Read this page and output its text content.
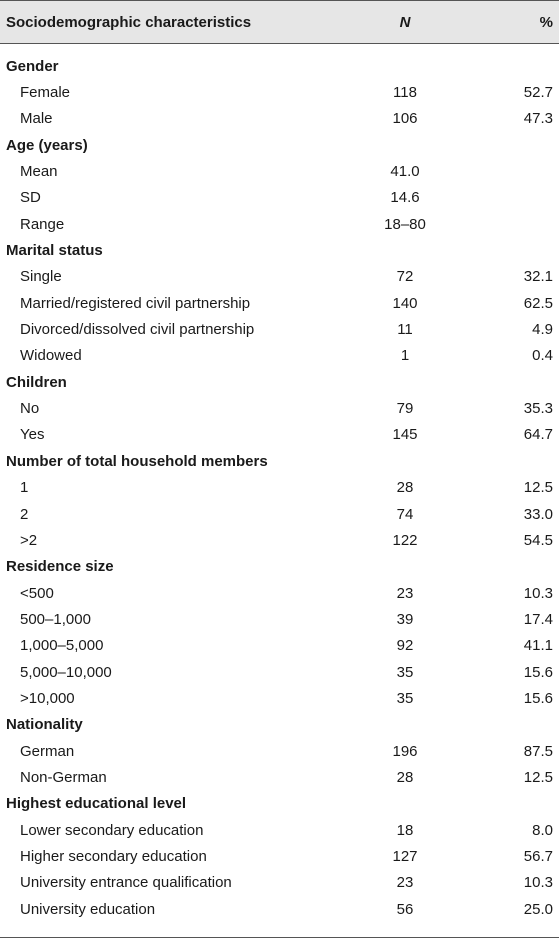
Sociodemographic characteristics	N	%
Gender
Female	118	52.7
Male	106	47.3
Age (years)
Mean	41.0
SD	14.6
Range	18–80
Marital status
Single	72	32.1
Married/registered civil partnership	140	62.5
Divorced/dissolved civil partnership	11	4.9
Widowed	1	0.4
Children
No	79	35.3
Yes	145	64.7
Number of total household members
1	28	12.5
2	74	33.0
>2	122	54.5
Residence size
<500	23	10.3
500–1,000	39	17.4
1,000–5,000	92	41.1
5,000–10,000	35	15.6
>10,000	35	15.6
Nationality
German	196	87.5
Non-German	28	12.5
Highest educational level
Lower secondary education	18	8.0
Higher secondary education	127	56.7
University entrance qualification	23	10.3
University education	56	25.0
